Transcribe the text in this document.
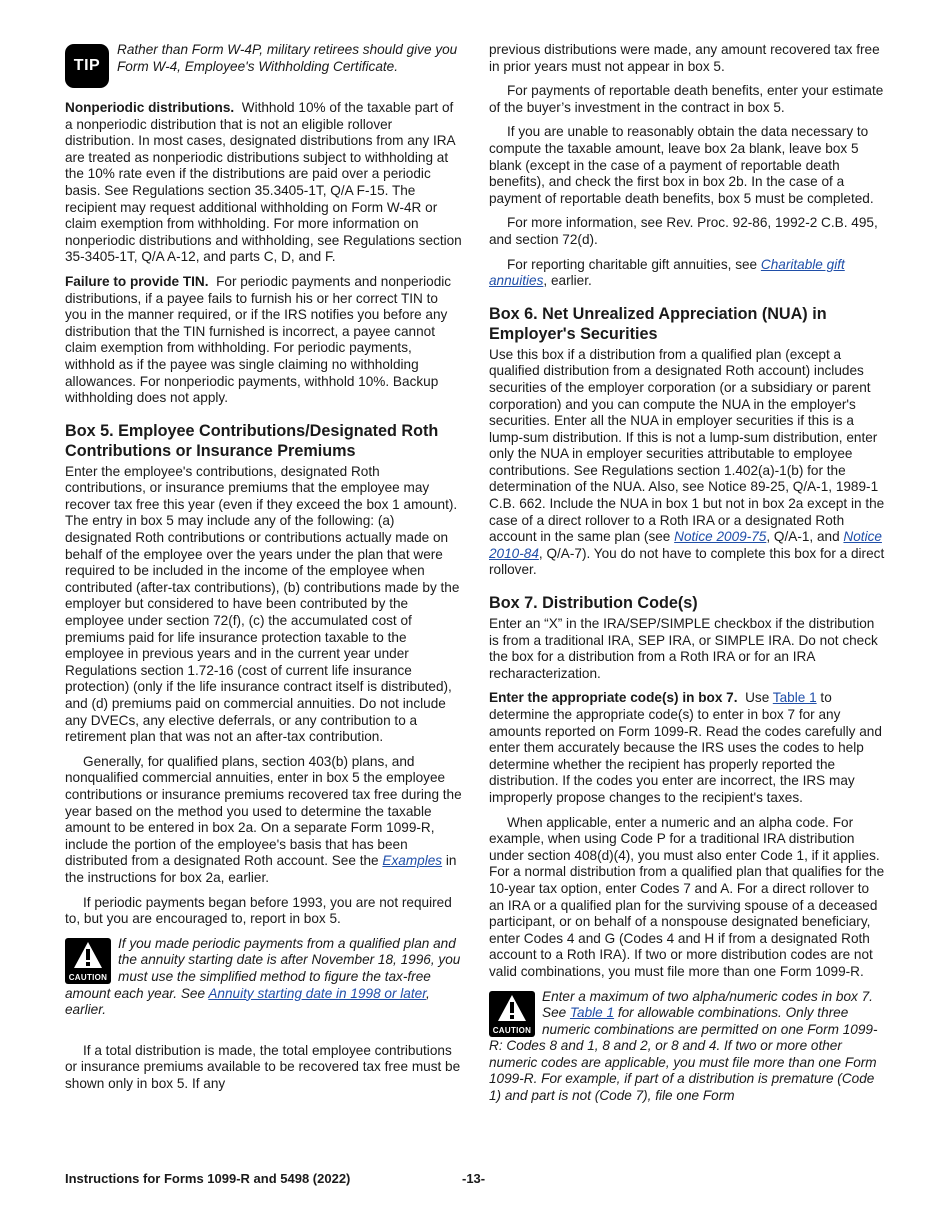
TIP

Rather than Form W-4P, military retirees should give you Form W-4, Employee's Withholding Certificate.

Nonperiodic distributions. Withhold 10% of the taxable part of a nonperiodic distribution that is not an eligible rollover distribution. In most cases, designated distributions from any IRA are treated as nonperiodic distributions subject to withholding at the 10% rate even if the distributions are paid over a periodic basis. See Regulations section 35.3405-1T, Q/A F-15. The recipient may request additional withholding on Form W-4R or claim exemption from withholding. For more information on nonperiodic distributions and withholding, see Regulations section 35-3405-1T, Q/A A-12, and parts C, D, and F.

Failure to provide TIN. For periodic payments and nonperiodic distributions, if a payee fails to furnish his or her correct TIN to you in the manner required, or if the IRS notifies you before any distribution that the TIN furnished is incorrect, a payee cannot claim exemption from withholding. For periodic payments, withhold as if the payee was single claiming no withholding allowances. For nonperiodic payments, withhold 10%. Backup withholding does not apply.

Box 5. Employee Contributions/Designated Roth Contributions or Insurance Premiums

Enter the employee's contributions, designated Roth contributions, or insurance premiums that the employee may recover tax free this year (even if they exceed the box 1 amount). The entry in box 5 may include any of the following: (a) designated Roth contributions or contributions actually made on behalf of the employee over the years under the plan that were required to be included in the income of the employee when contributed (after-tax contributions), (b) contributions made by the employer but considered to have been contributed by the employee under section 72(f), (c) the accumulated cost of premiums paid for life insurance protection taxable to the employee in previous years and in the current year under Regulations section 1.72-16 (cost of current life insurance protection) (only if the life insurance contract itself is distributed), and (d) premiums paid on commercial annuities. Do not include any DVECs, any elective deferrals, or any contribution to a retirement plan that was not an after-tax contribution.

Generally, for qualified plans, section 403(b) plans, and nonqualified commercial annuities, enter in box 5 the employee contributions or insurance premiums recovered tax free during the year based on the method you used to determine the taxable amount to be entered in box 2a. On a separate Form 1099-R, include the portion of the employee's basis that has been distributed from a designated Roth account. See the Examples in the instructions for box 2a, earlier.

If periodic payments began before 1993, you are not required to, but you are encouraged to, report in box 5.

CAUTION

If you made periodic payments from a qualified plan and the annuity starting date is after November 18, 1996, you must use the simplified method to figure the tax-free amount each year. See Annuity starting date in 1998 or later, earlier.

If a total distribution is made, the total employee contributions or insurance premiums available to be recovered tax free must be shown only in box 5. If any

previous distributions were made, any amount recovered tax free in prior years must not appear in box 5.

For payments of reportable death benefits, enter your estimate of the buyer’s investment in the contract in box 5.

If you are unable to reasonably obtain the data necessary to compute the taxable amount, leave box 2a blank, leave box 5 blank (except in the case of a payment of reportable death benefits), and check the first box in box 2b. In the case of a payment of reportable death benefits, box 5 must be completed.

For more information, see Rev. Proc. 92-86, 1992-2 C.B. 495, and section 72(d).

For reporting charitable gift annuities, see Charitable gift annuities, earlier.

Box 6. Net Unrealized Appreciation (NUA) in Employer's Securities

Use this box if a distribution from a qualified plan (except a qualified distribution from a designated Roth account) includes securities of the employer corporation (or a subsidiary or parent corporation) and you can compute the NUA in the employer's securities. Enter all the NUA in employer securities if this is a lump-sum distribution. If this is not a lump-sum distribution, enter only the NUA in employer securities attributable to employee contributions. See Regulations section 1.402(a)-1(b) for the determination of the NUA. Also, see Notice 89-25, Q/A-1, 1989-1 C.B. 662. Include the NUA in box 1 but not in box 2a except in the case of a direct rollover to a Roth IRA or a designated Roth account in the same plan (see Notice 2009-75, Q/A-1, and Notice 2010-84, Q/A-7). You do not have to complete this box for a direct rollover.

Box 7. Distribution Code(s)

Enter an “X” in the IRA/SEP/SIMPLE checkbox if the distribution is from a traditional IRA, SEP IRA, or SIMPLE IRA. Do not check the box for a distribution from a Roth IRA or for an IRA recharacterization.

Enter the appropriate code(s) in box 7. Use Table 1 to determine the appropriate code(s) to enter in box 7 for any amounts reported on Form 1099-R. Read the codes carefully and enter them accurately because the IRS uses the codes to help determine whether the recipient has properly reported the distribution. If the codes you enter are incorrect, the IRS may improperly propose changes to the recipient's taxes.

When applicable, enter a numeric and an alpha code. For example, when using Code P for a traditional IRA distribution under section 408(d)(4), you must also enter Code 1, if it applies. For a normal distribution from a qualified plan that qualifies for the 10-year tax option, enter Codes 7 and A. For a direct rollover to an IRA or a qualified plan for the surviving spouse of a deceased participant, or on behalf of a nonspouse designated beneficiary, enter Codes 4 and G (Codes 4 and H if from a designated Roth account to a Roth IRA). If two or more distribution codes are not valid combinations, you must file more than one Form 1099-R.

CAUTION

Enter a maximum of two alpha/numeric codes in box 7. See Table 1 for allowable combinations. Only three numeric combinations are permitted on one Form 1099-R: Codes 8 and 1, 8 and 2, or 8 and 4. If two or more other numeric codes are applicable, you must file more than one Form 1099-R. For example, if part of a distribution is premature (Code 1) and part is not (Code 7), file one Form

Instructions for Forms 1099-R and 5498 (2022)	-13-
